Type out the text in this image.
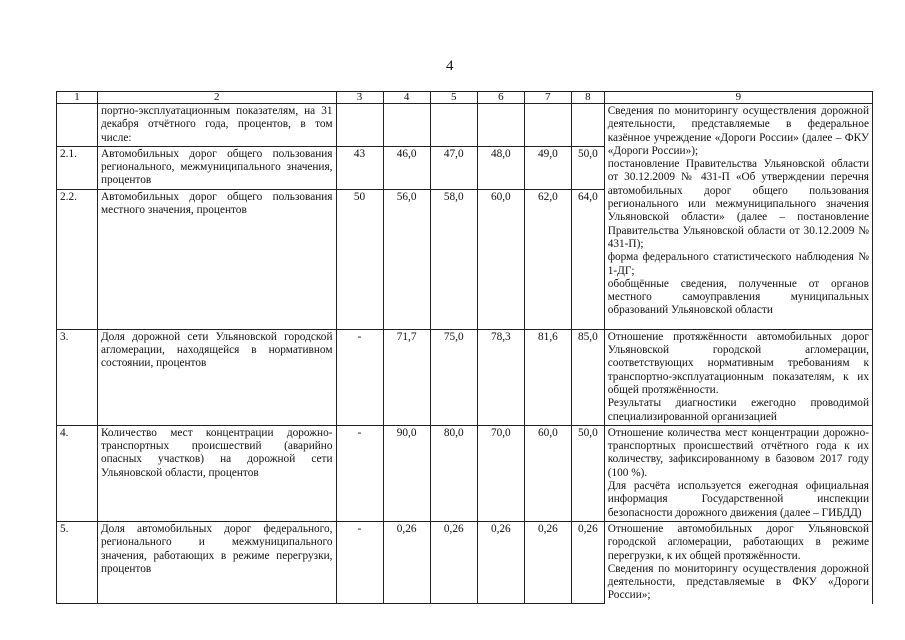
4
1	2	3	4	5	6	7	8	9
	портно-эксплуатационным показателям, на 31 декабря отчётного года, процентов, в том числе:							Сведения по мониторингу осуществления дорожной деятельности, представляемые в федеральное казённое учреждение «Дороги России» (далее – ФКУ «Дороги России»);
постановление Правительства Ульяновской области от 30.12.2009 № 431-П «Об утверждении перечня автомобильных дорог общего пользования регионального или межмуниципального значения Ульяновской области» (далее – постановление Правительства Ульяновской области от 30.12.2009 № 431-П);
форма федерального статистического наблюдения № 1-ДГ;
обобщённые сведения, полученные от органов местного самоуправления муниципальных образований Ульяновской области

2.1.	Автомобильных дорог общего пользования регионального, межмуниципального значения, процентов	43	46,0	47,0	48,0	49,0	50,0	
2.2.	Автомобильных дорог общего пользования местного значения, процентов	50	56,0	58,0	60,0	62,0	64,0	
3.	Доля дорожной сети Ульяновской городской агломерации, находящейся в нормативном состоянии, процентов	-	71,7	75,0	78,3	81,6	85,0	Отношение протяжённости автомобильных дорог Ульяновской городской агломерации, соответствующих нормативным требованиям к транспортно-эксплуатационным показателям, к их общей протяжённости.
Результаты диагностики ежегодно проводимой специализированной организацией

4.	Количество мест концентрации дорожно-транспортных происшествий (аварийно опасных участков) на дорожной сети Ульяновской области, процентов	-	90,0	80,0	70,0	60,0	50,0	Отношение количества мест концентрации дорожно-транспортных происшествий отчётного года к их количеству, зафиксированному в базовом 2017 году (100 %).
Для расчёта используется ежегодная официальная информация Государственной инспекции безопасности дорожного движения (далее – ГИБДД)

5.	Доля автомобильных дорог федерального, регионального и межмуниципального значения, работающих в режиме перегрузки, процентов	-	0,26	0,26	0,26	0,26	0,26	Отношение автомобильных дорог Ульяновской городской агломерации, работающих в режиме перегрузки, к их общей протяжённости.
Сведения по мониторингу осуществления дорожной деятельности, представляемые в ФКУ «Дороги России»;
